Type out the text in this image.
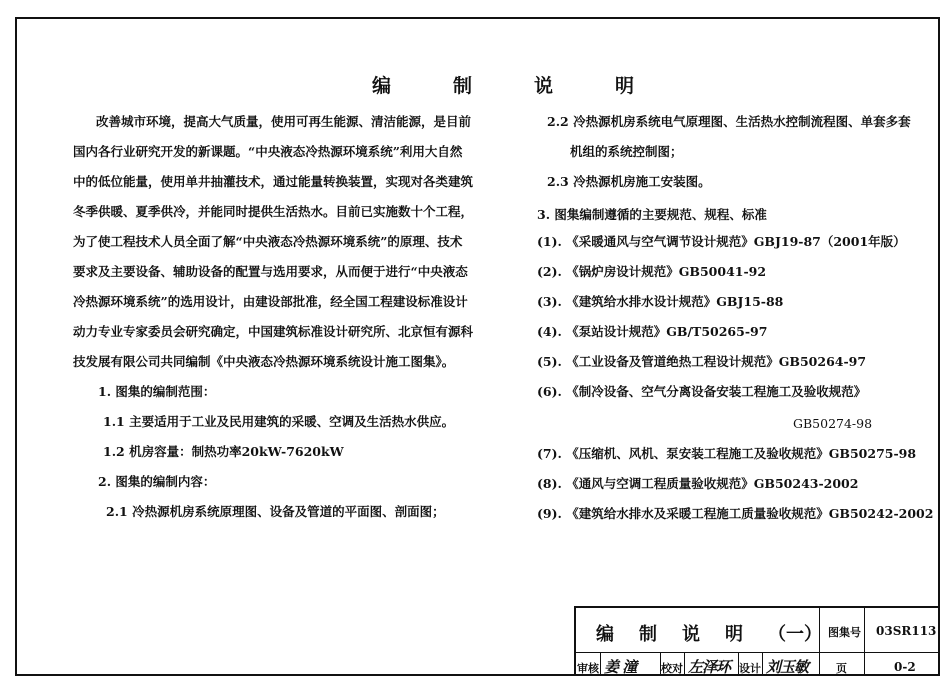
编	制	说	明
改善城市环境，提高大气质量，使用可再生能源、清洁能源，是目前
国内各行业研究开发的新课题。“中央液态冷热源环境系统”利用大自然
中的低位能量，使用单井抽灌技术，通过能量转换装置，实现对各类建筑
冬季供暖、夏季供冷，并能同时提供生活热水。目前已实施数十个工程，
为了使工程技术人员全面了解“中央液态冷热源环境系统”的原理、技术
要求及主要设备、辅助设备的配置与选用要求，从而便于进行“中央液态
冷热源环境系统”的选用设计，由建设部批准，经全国工程建设标准设计
动力专业专家委员会研究确定，中国建筑标准设计研究所、北京恒有源科
技发展有限公司共同编制《中央液态冷热源环境系统设计施工图集》。
1. 图集的编制范围：
1.1 主要适用于工业及民用建筑的采暖、空调及生活热水供应。
1.2 机房容量：制热功率20kW-7620kW
2. 图集的编制内容：
2.1 冷热源机房系统原理图、设备及管道的平面图、剖面图；
2.2 冷热源机房系统电气原理图、生活热水控制流程图、单套多套
机组的系统控制图；
2.3 冷热源机房施工安装图。
3. 图集编制遵循的主要规范、规程、标准
(1). 《采暖通风与空气调节设计规范》GBJ19-87（2001年版）
(2). 《锅炉房设计规范》GB50041-92
(3). 《建筑给水排水设计规范》GBJ15-88
(4). 《泵站设计规范》GB/T50265-97
(5). 《工业设备及管道绝热工程设计规范》GB50264-97
(6). 《制冷设备、空气分离设备安装工程施工及验收规范》
GB50274-98
(7). 《压缩机、风机、泵安装工程施工及验收规范》GB50275-98
(8). 《通风与空调工程质量验收规范》GB50243-2002
(9). 《建筑给水排水及采暖工程施工质量验收规范》GB50242-2002
编 制 说 明 （一） 图集号 03SR113
审核 姜 潼 校对 左泽环 设计 刘玉敏	页	0-2
